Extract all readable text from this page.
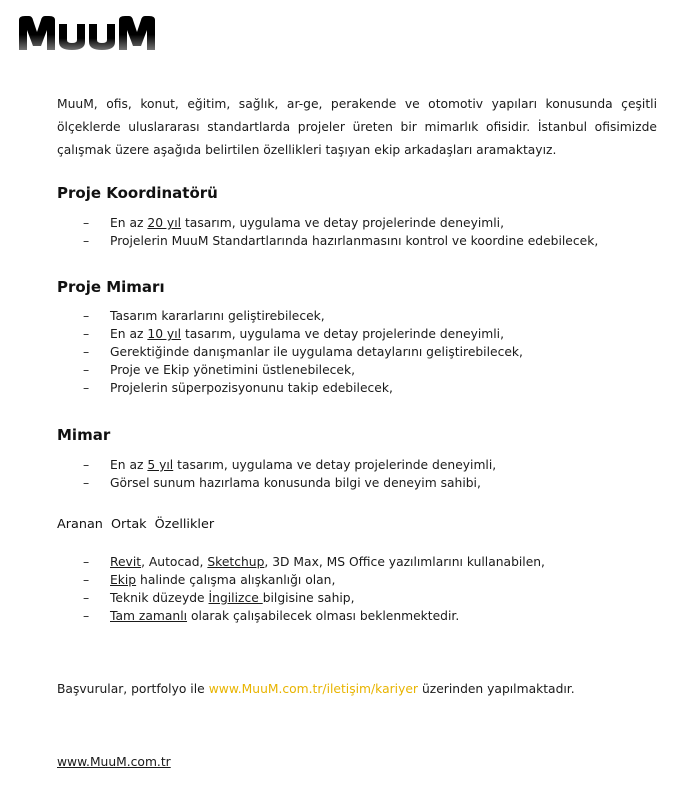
MuuM, ofis, konut, eğitim, sağlık, ar-ge, perakende ve otomotiv yapıları konusunda çeşitli ölçeklerde uluslararası standartlarda projeler üreten bir mimarlık ofisidir. İstanbul ofisimizde çalışmak üzere aşağıda belirtilen özellikleri taşıyan ekip arkadaşları aramaktayız.

Proje Koordinatörü
– En az 20 yıl tasarım, uygulama ve detay projelerinde deneyimli,
– Projelerin MuuM Standartlarında hazırlanmasını kontrol ve koordine edebilecek,
Proje Mimarı
– Tasarım kararlarını geliştirebilecek,
– En az 10 yıl tasarım, uygulama ve detay projelerinde deneyimli,
– Gerektiğinde danışmanlar ile uygulama detaylarını geliştirebilecek,
– Proje ve Ekip yönetimini üstlenebilecek,
– Projelerin süperpozisyonunu takip edebilecek,
Mimar
– En az 5 yıl tasarım, uygulama ve detay projelerinde deneyimli,
– Görsel sunum hazırlama konusunda bilgi ve deneyim sahibi,
Aranan Ortak Özellikler
– Revit, Autocad, Sketchup, 3D Max, MS Office yazılımlarını kullanabilen,
– Ekip halinde çalışma alışkanlığı olan,
– Teknik düzeyde İngilizce bilgisine sahip,
– Tam zamanlı olarak çalışabilecek olması beklenmektedir.
Başvurular, portfolyo ile www.MuuM.com.tr/iletişim/kariyer üzerinden yapılmaktadır.
www.MuuM.com.tr
